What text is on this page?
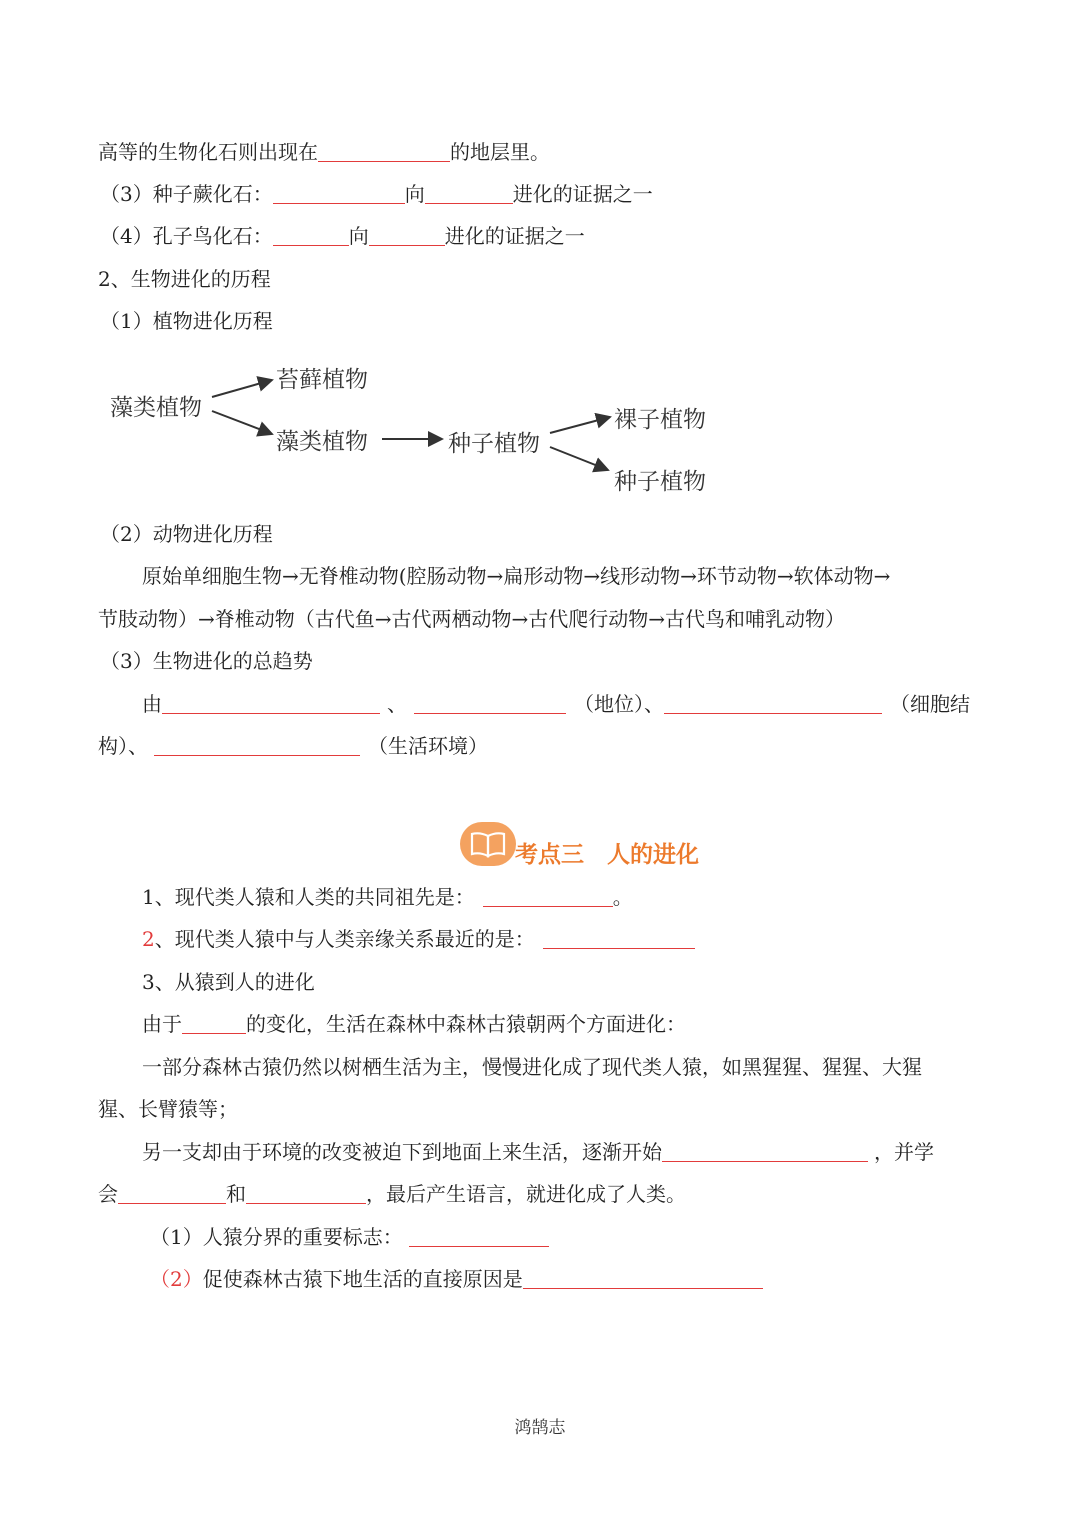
高等的生物化石则出现在	的地层里。
（3）种子蕨化石：	向	进化的证据之一
（4）孔子鸟化石：	向	进化的证据之一
2、生物进化的历程
（1）植物进化历程
藻类植物
苔藓植物
藻类植物	种子植物
裸子植物
种子植物
（2）动物进化历程
原始单细胞生物→无脊椎动物(腔肠动物→扁形动物→线形动物→环节动物→软体动物→
节肢动物）→脊椎动物（古代鱼→古代两栖动物→古代爬行动物→古代鸟和哺乳动物）
（3）生物进化的总趋势
由	、	（地位）、	（细胞结
构）、	（生活环境）
考点三　人的进化
1、现代类人猿和人类的共同祖先是：	。
2、现代类人猿中与人类亲缘关系最近的是：
3、从猿到人的进化
由于	的变化，生活在森林中森林古猿朝两个方面进化：
一部分森林古猿仍然以树栖生活为主，慢慢进化成了现代类人猿，如黑猩猩、猩猩、大猩
猩、长臂猿等；
另一支却由于环境的改变被迫下到地面上来生活，逐渐开始	，并学
会	和	，最后产生语言，就进化成了人类。
（1）人猿分界的重要标志：
（2）促使森林古猿下地生活的直接原因是
鸿鹄志
